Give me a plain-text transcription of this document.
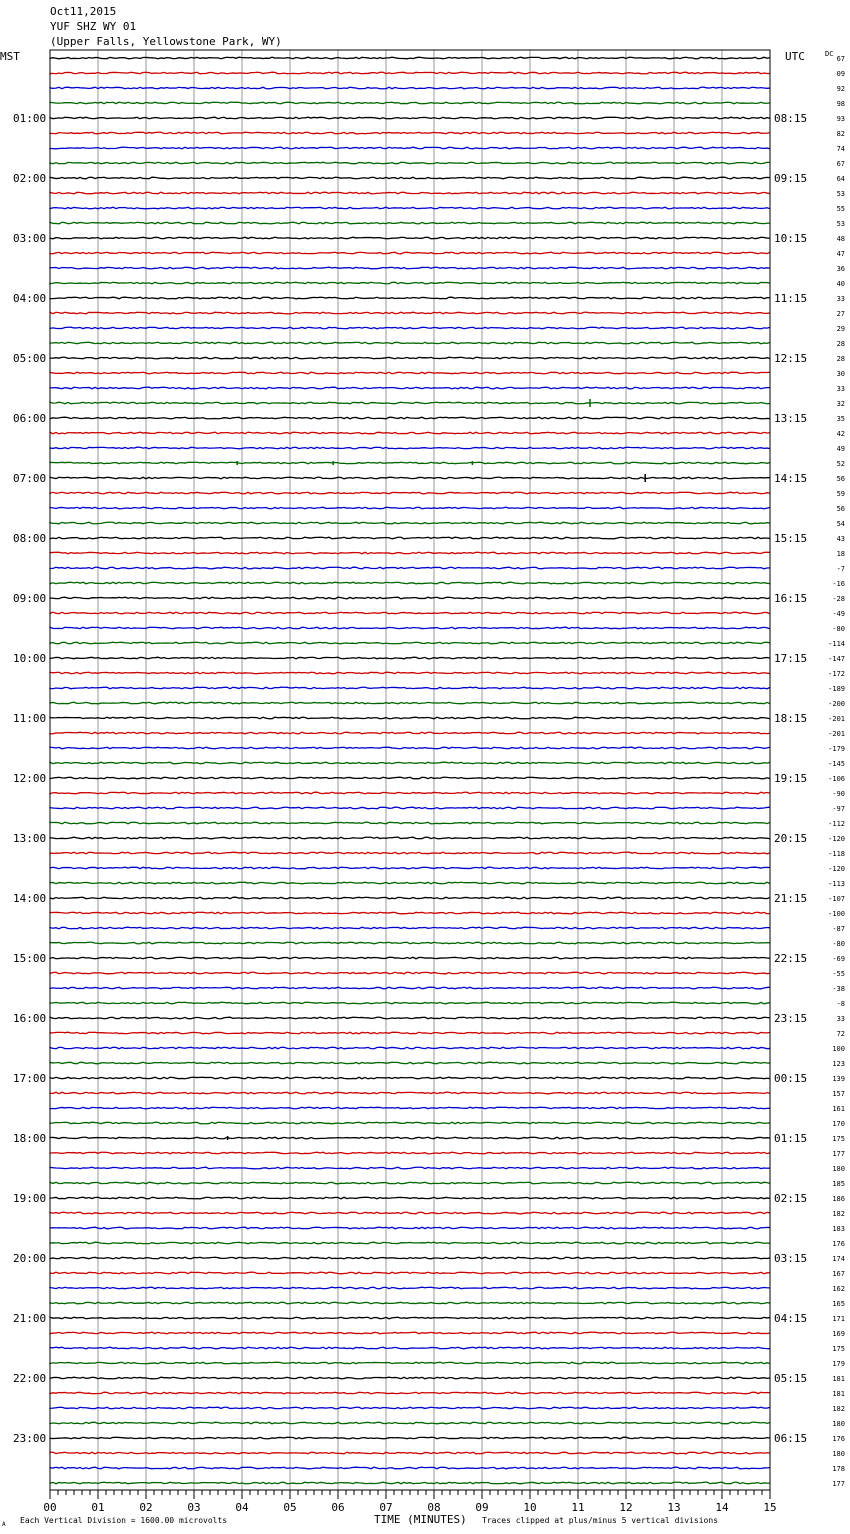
Oct11,2015
YUF SHZ WY 01
(Upper Falls, Yellowstone Park, WY)
01:00
02:00
03:00
04:00
05:00
06:00
07:00
08:00
09:00
10:00
11:00
12:00
13:00
14:00
15:00
16:00
17:00
18:00
19:00
20:00
21:00
22:00
23:00
08:15
09:15
10:15
11:15
12:15
13:15
14:15
15:15
16:15
17:15
18:15
19:15
20:15
21:15
22:15
23:15
00:15
01:15
02:15
03:15
04:15
05:15
06:15
67
09
92
98
93
82
74
67
64
53
55
53
48
47
36
40
33
27
29
28
28
30
33
32
35
42
49
52
56
59
56
54
43
18
-7
-16
-28
-49
-80
-114
-147
-172
-189
-200
-201
-201
-179
-145
-106
-90
-97
-112
-120
-118
-120
-113
-107
-100
-87
-80
-69
-55
-38
-8
33
72
100
123
139
157
161
170
175
177
180
185
186
182
183
176
174
167
162
165
171
169
175
179
181
181
182
180
176
180
178
177
00	01	02	03	04	05	06	07	08	09	10	11	12	13	14	15
MST	UTC	DC
TIME (MINUTES)
Each Vertical Division = 1600.00 microvolts	Traces clipped at plus/minus 5 vertical divisions
A
